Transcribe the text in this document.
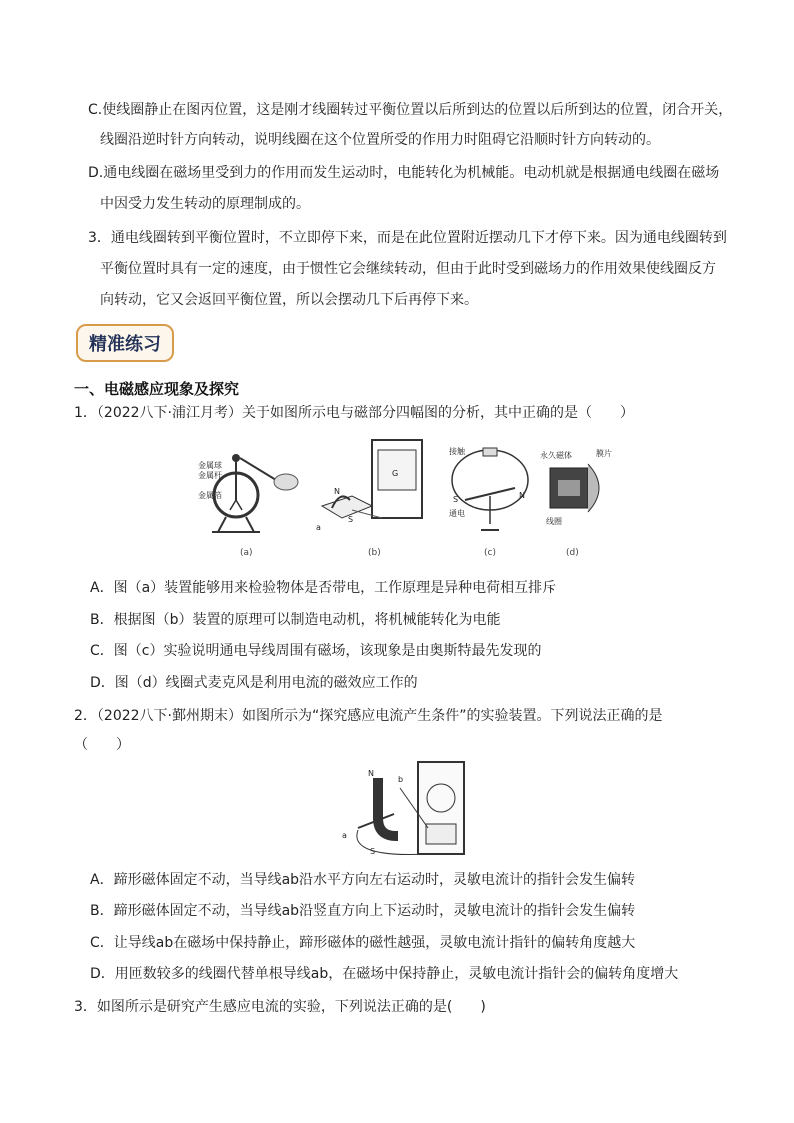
C.使线圈静止在图丙位置，这是刚才线圈转过平衡位置以后所到达的位置以后所到达的位置，闭合开关，
线圈沿逆时针方向转动，说明线圈在这个位置所受的作用力时阻碍它沿顺时针方向转动的。
D.通电线圈在磁场里受到力的作用而发生运动时，电能转化为机械能。电动机就是根据通电线圈在磁场
中因受力发生转动的原理制成的。
3．通电线圈转到平衡位置时，不立即停下来，而是在此位置附近摆动几下才停下来。因为通电线圈转到
平衡位置时具有一定的速度，由于惯性它会继续转动，但由于此时受到磁场力的作用效果使线圈反方
向转动，它又会返回平衡位置，所以会摆动几下后再停下来。
精准练习
一、电磁感应现象及探究
1．（2022八下·浦江月考）关于如图所示电与磁部分四幅图的分析，其中正确的是（　　）
金属球
金属杆
金属箔
G
N
S
a
接触
S	N
通电
永久磁体	膜片
线圈
(a)	(b)	(c)	(d)
A．图（a）装置能够用来检验物体是否带电，工作原理是异种电荷相互排斥
B．根据图（b）装置的原理可以制造电动机，将机械能转化为电能
C．图（c）实验说明通电导线周围有磁场，该现象是由奥斯特最先发现的
D．图（d）线圈式麦克风是利用电流的磁效应工作的
2．（2022八下·鄞州期末）如图所示为“探究感应电流产生条件”的实验装置。下列说法正确的是
（　　）
N
b
a
S
A．蹄形磁体固定不动，当导线ab沿水平方向左右运动时，灵敏电流计的指针会发生偏转
B．蹄形磁体固定不动，当导线ab沿竖直方向上下运动时，灵敏电流计的指针会发生偏转
C．让导线ab在磁场中保持静止，蹄形磁体的磁性越强，灵敏电流计指针的偏转角度越大
D．用匝数较多的线圈代替单根导线ab，在磁场中保持静止，灵敏电流计指针会的偏转角度增大
3．如图所示是研究产生感应电流的实验，下列说法正确的是(　　)
